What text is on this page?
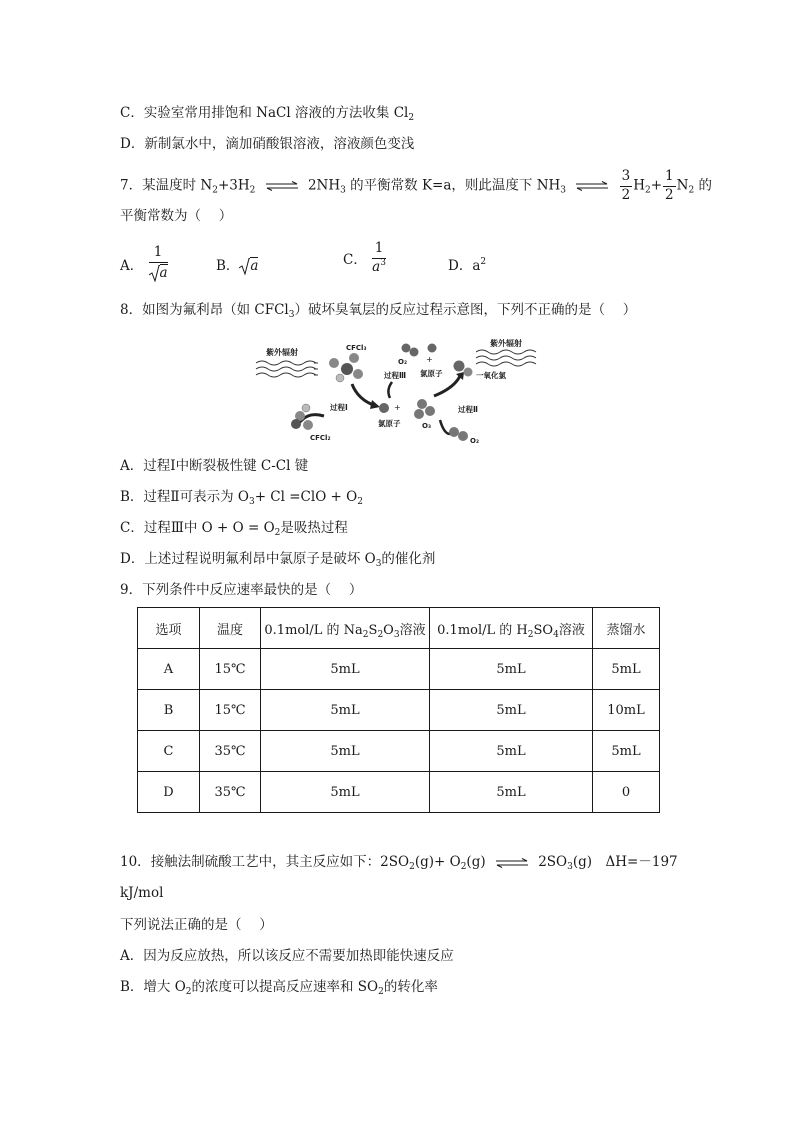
C．实验室常用排饱和 NaCl 溶液的方法收集 $Cl_2$
D．新制氯水中，滴加硝酸银溶液，溶液颜色变浅
7．某温度时 $N_2+3H_2$ ⇌ $2NH_3$ 的平衡常数 K=a，则此温度下 $NH_3$ ⇌ $\frac{3}{2} H_2+ \frac{1}{2} N_2$ 的
平衡常数为（　 ）
A． $\frac{1}{a}$	B． a	C． $\frac{1}{a^3}$	D．$a^2$
8．如图为氟利昂（如 CFCl$_3$）破坏臭氧层的反应过程示意图，下列不正确的是（　 ）
紫外辐射	CFCl₃
过程Ⅰ
CFCl₂
+
氯原子	O₃
过程Ⅱ
O₂
O₂ +
氯原子
过程Ⅲ	一氧化氯
紫外辐射
A．过程Ⅰ中断裂极性键 C-Cl 键
B．过程Ⅱ可表示为 $O_3+ Cl =ClO + O_2$
C．过程Ⅲ中 $O + O = O_2$是吸热过程
D．上述过程说明氟利昂中氯原子是破坏 $O_3$的催化剂
9．下列条件中反应速率最快的是（　 ）
选项	温度	0.1mol/L 的 $Na_2S_2O_3$溶液	0.1mol/L 的 $H_2SO_4$溶液	蒸馏水
A	15℃	5mL	5mL	5mL
B	15℃	5mL	5mL	10mL
C	35℃	5mL	5mL	5mL
D	35℃	5mL	5mL	0
10．接触法制硫酸工艺中，其主反应如下：$2SO_2(g)+ O_2(g)$ ⇌ $2SO_3(g)$　ΔH=－197
kJ/mol
下列说法正确的是（　 ）
A．因为反应放热，所以该反应不需要加热即能快速反应
B．增大 $O_2$的浓度可以提高反应速率和 $SO_2$的转化率
